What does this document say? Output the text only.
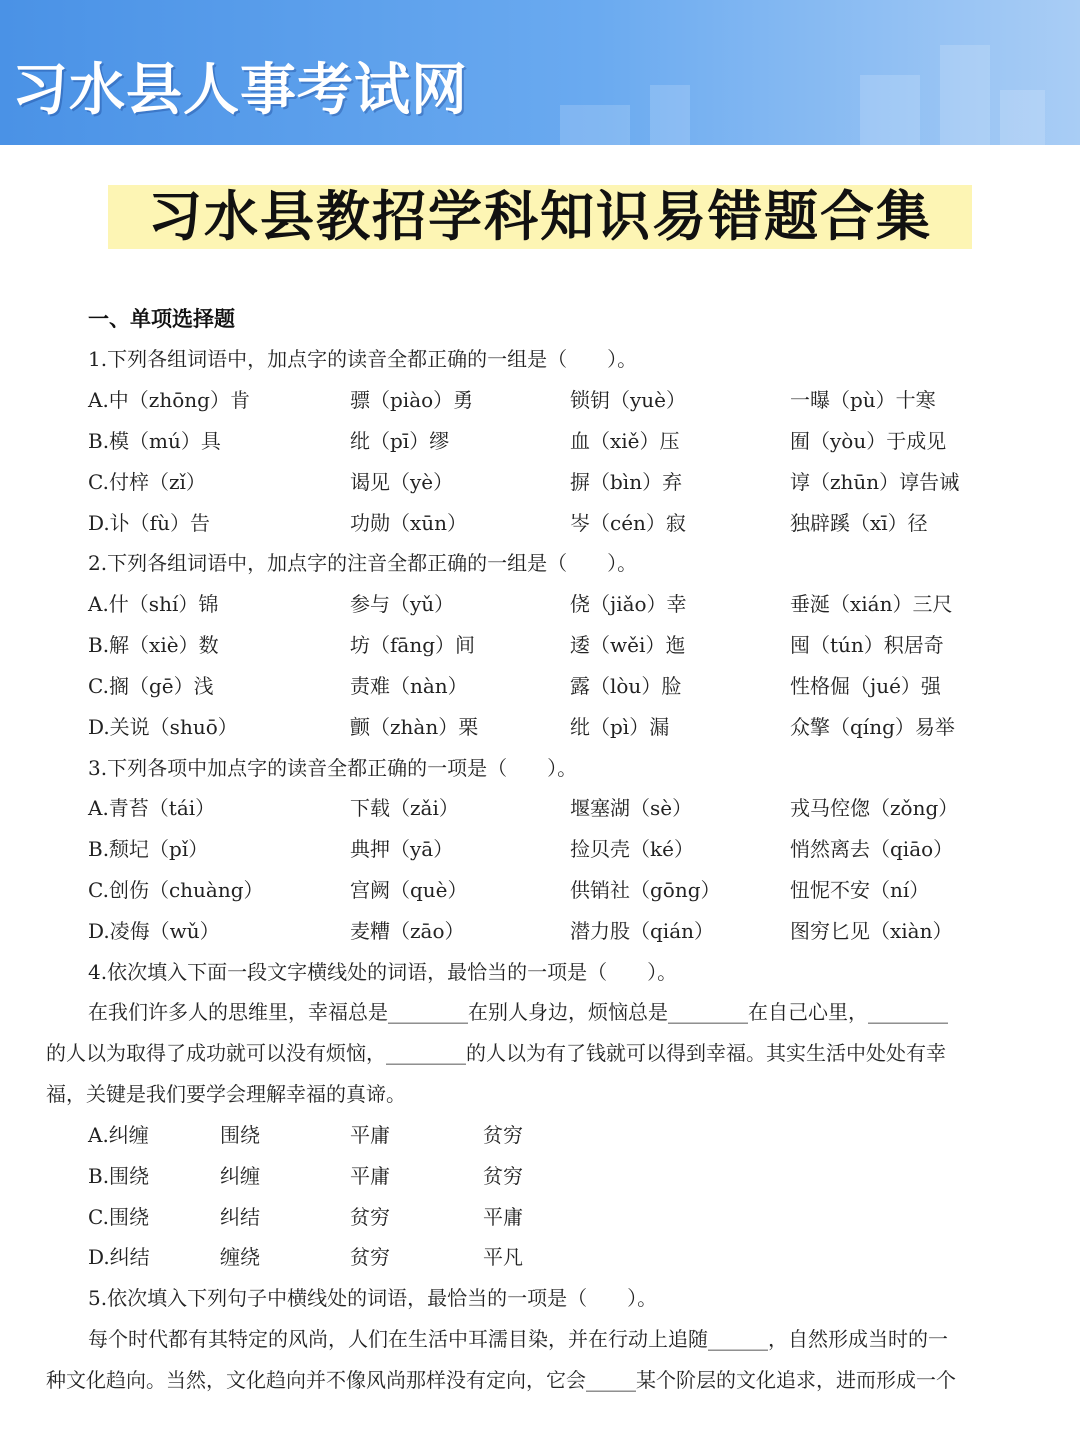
习水县人事考试网
习水县教招学科知识易错题合集
一、单项选择题
1.下列各组词语中，加点字的读音全都正确的一组是（　　）。
A.中（zhōng）肯	骠（piào）勇	锁钥（yuè）	一曝（pù）十寒
B.模（mú）具	纰（pī）缪	血（xiě）压	囿（yòu）于成见
C.付梓（zǐ）	谒见（yè）	摒（bìn）弃	谆（zhūn）谆告诫
D.讣（fù）告	功勋（xūn）	岑（cén）寂	独辟蹊（xī）径
2.下列各组词语中，加点字的注音全都正确的一组是（　　）。
A.什（shí）锦	参与（yǔ）	侥（jiǎo）幸	垂涎（xián）三尺
B.解（xiè）数	坊（fāng）间	逶（wěi）迤	囤（tún）积居奇
C.搁（gē）浅	责难（nàn）	露（lòu）脸	性格倔（jué）强
D.关说（shuō）	颤（zhàn）栗	纰（pì）漏	众擎（qíng）易举
3.下列各项中加点字的读音全都正确的一项是（　　）。
A.青苔（tái）	下载（zǎi）	堰塞湖（sè）	戎马倥偬（zǒng）
B.颓圮（pǐ）	典押（yā）	捡贝壳（ké）	悄然离去（qiāo）
C.创伤（chuàng）	宫阙（què）	供销社（gōng）	忸怩不安（ní）
D.凌侮（wǔ）	麦糟（zāo）	潜力股（qián）	图穷匕见（xiàn）
4.依次填入下面一段文字横线处的词语，最恰当的一项是（　　）。
在我们许多人的思维里，幸福总是________在别人身边，烦恼总是________在自己心里，________
的人以为取得了成功就可以没有烦恼，________的人以为有了钱就可以得到幸福。其实生活中处处有幸
福，关键是我们要学会理解幸福的真谛。
A.纠缠	围绕	平庸	贫穷
B.围绕	纠缠	平庸	贫穷
C.围绕	纠结	贫穷	平庸
D.纠结	缠绕	贫穷	平凡
5.依次填入下列句子中横线处的词语，最恰当的一项是（　　）。
每个时代都有其特定的风尚，人们在生活中耳濡目染，并在行动上追随______，自然形成当时的一
种文化趋向。当然，文化趋向并不像风尚那样没有定向，它会_____某个阶层的文化追求，进而形成一个
